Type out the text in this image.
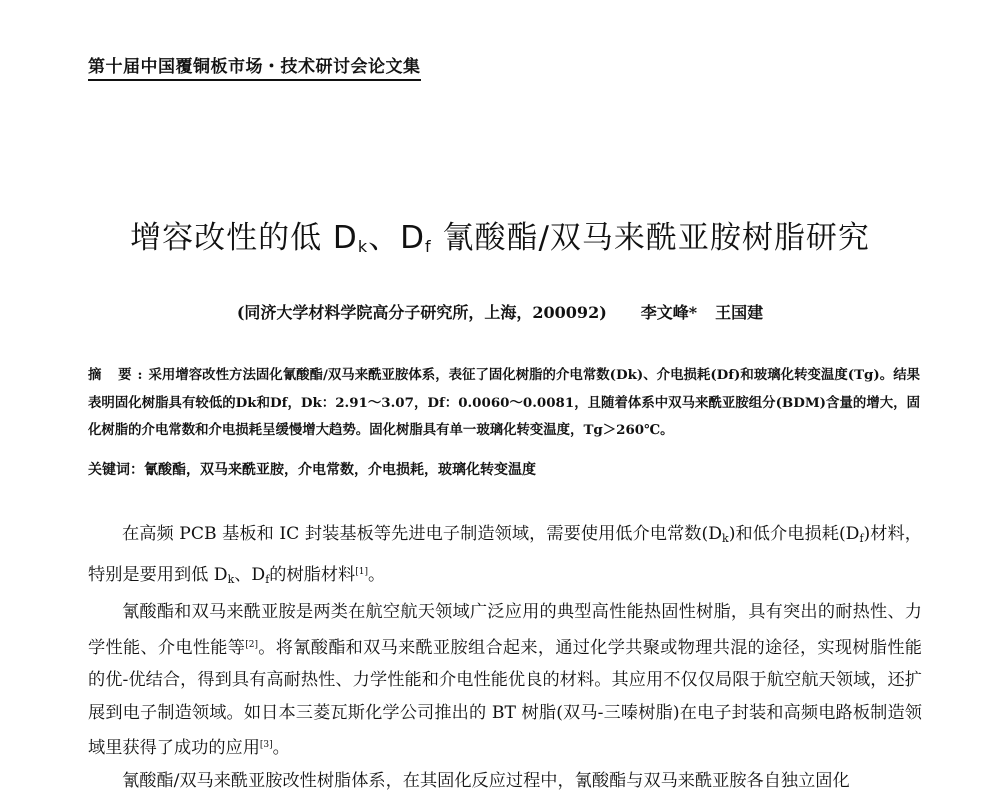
第十届中国覆铜板市场・技术研讨会论文集
增容改性的低 $D_k$、$D_f$ 氰酸酯/双马来酰亚胺树脂研究
(同济大学材料学院高分子研究所，上海，200092) 李文峰* 王国建
摘 要:采用增容改性方法固化氰酸酯/双马来酰亚胺体系，表征了固化树脂的介电常数(Dk)、介电损耗(Df)和玻璃化转变温度(Tg)。结果表明固化树脂具有较低的Dk和Df，Dk：2.91～3.07，Df：0.0060～0.0081，且随着体系中双马来酰亚胺组分(BDM)含量的增大，固化树脂的介电常数和介电损耗呈缓慢增大趋势。固化树脂具有单一玻璃化转变温度，Tg＞260℃。
关键词：氰酸酯，双马来酰亚胺，介电常数，介电损耗，玻璃化转变温度

在高频 PCB 基板和 IC 封装基板等先进电子制造领域，需要使用低介电常数$(D_k)$和低介电损耗$(D_f)$材料，特别是要用到低 $D_k$、$D_f$的树脂材料[1]。

氰酸酯和双马来酰亚胺是两类在航空航天领域广泛应用的典型高性能热固性树脂，具有突出的耐热性、力学性能、介电性能等[2]。将氰酸酯和双马来酰亚胺组合起来，通过化学共聚或物理共混的途径，实现树脂性能的优-优结合，得到具有高耐热性、力学性能和介电性能优良的材料。其应用不仅仅局限于航空航天领域，还扩展到电子制造领域。如日本三菱瓦斯化学公司推出的 BT 树脂(双马-三嗪树脂)在电子封装和高频电路板制造领域里获得了成功的应用[3]。

氰酸酯/双马来酰亚胺改性树脂体系，在其固化反应过程中，氰酸酯与双马来酰亚胺各自独立固化
